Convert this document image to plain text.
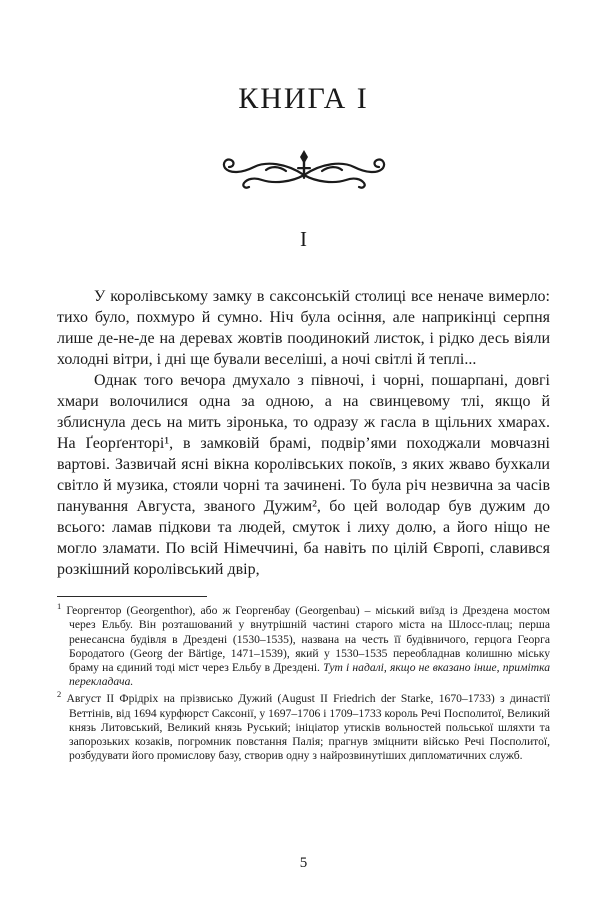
КНИГА I
I

У королівському замку в саксонській столиці все неначе вимерло: тихо було, похмуро й сумно. Ніч була осіння, але наприкінці серпня лише де-не-де на деревах жовтів поодинокий листок, і рідко десь віяли холодні вітри, і дні ще бували веселіші, а ночі світлі й теплі...

Однак того вечора дмухало з півночі, і чорні, пошарпані, довгі хмари волочилися одна за одною, а на свинцевому тлі, якщо й зблиснула десь на мить зіронька, то одразу ж гасла в щільних хмарах. На Ґеорґенторі¹, в замковій брамі, подвір’ями походжали мовчазні вартові. Зазвичай ясні вікна королівських покоїв, з яких жваво бухкали світло й музика, стояли чорні та зачинені. То була річ незвична за часів панування Августа, званого Дужим², бо цей володар був дужим до всього: ламав підкови та людей, смуток і лиху долю, а його ніщо не могло зламати. По всій Німеччині, ба навіть по цілій Європі, славився розкішний королівський двір,

$^1$ Георгентор (Georgenthor), або ж Георгенбау (Georgenbau) – міський виїзд із Дрездена мостом через Ельбу. Він розташований у внутрішній частині старого міста на Шлосс-плац; перша ренесансна будівля в Дрездені (1530–1535), названа на честь її будівничого, герцога Георга Бородатого (Georg der Bärtige, 1471–1539), який у 1530–1535 переобладнав колишню міську браму на єдиний тоді міст через Ельбу в Дрездені. Тут і надалі, якщо не вказано інше, примітка перекладача.

$^2$ Август II Фрідріх на прізвисько Дужий (August II Friedrich der Starke, 1670–1733) з династії Веттінів, від 1694 курфюрст Саксонії, у 1697–1706 і 1709–1733 король Речі Посполитої, Великий князь Литовський, Великий князь Руський; ініціатор утисків вольностей польської шляхти та запорозьких козаків, погромник повстання Палія; прагнув зміцнити військо Речі Посполитої, розбудувати його промислову базу, створив одну з найрозвинутіших дипломатичних служб.

5
